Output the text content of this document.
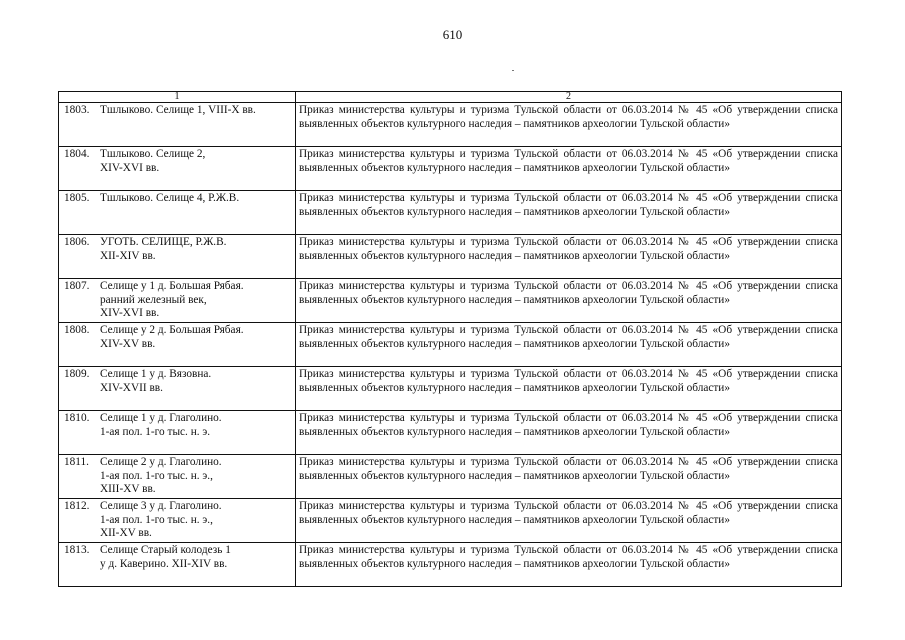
610
1	2
1803. Тшлыково. Селище 1, VIII-X вв.	Приказ министерства культуры и туризма Тульской области от 06.03.2014 № 45 «Об утверждении списка выявленных объектов культурного наследия – памятников археологии Тульской области»
1804. Тшлыково. Селище 2,
XIV-XVI вв.	Приказ министерства культуры и туризма Тульской области от 06.03.2014 № 45 «Об утверждении списка выявленных объектов культурного наследия – памятников археологии Тульской области»
1805. Тшлыково. Селище 4, Р.Ж.В.	Приказ министерства культуры и туризма Тульской области от 06.03.2014 № 45 «Об утверждении списка выявленных объектов культурного наследия – памятников археологии Тульской области»
1806. УГОТЬ. СЕЛИЩЕ, Р.Ж.В.
XII-XIV вв.	Приказ министерства культуры и туризма Тульской области от 06.03.2014 № 45 «Об утверждении списка выявленных объектов культурного наследия – памятников археологии Тульской области»
1807. Селище у 1 д. Большая Рябая.
ранний железный век,
XIV-XVI вв.	Приказ министерства культуры и туризма Тульской области от 06.03.2014 № 45 «Об утверждении списка выявленных объектов культурного наследия – памятников археологии Тульской области»
1808. Селище у 2 д. Большая Рябая.
XIV-XV вв.	Приказ министерства культуры и туризма Тульской области от 06.03.2014 № 45 «Об утверждении списка выявленных объектов культурного наследия – памятников археологии Тульской области»
1809. Селище 1 у д. Вязовна.
XIV-XVII вв.	Приказ министерства культуры и туризма Тульской области от 06.03.2014 № 45 «Об утверждении списка выявленных объектов культурного наследия – памятников археологии Тульской области»
1810. Селище 1 у д. Глаголино.
1-ая пол. 1-го тыс. н. э.	Приказ министерства культуры и туризма Тульской области от 06.03.2014 № 45 «Об утверждении списка выявленных объектов культурного наследия – памятников археологии Тульской области»
1811. Селище 2 у д. Глаголино.
1-ая пол. 1-го тыс. н. э.,
XIII-XV вв.	Приказ министерства культуры и туризма Тульской области от 06.03.2014 № 45 «Об утверждении списка выявленных объектов культурного наследия – памятников археологии Тульской области»
1812. Селище 3 у д. Глаголино.
1-ая пол. 1-го тыс. н. э.,
XII-XV вв.	Приказ министерства культуры и туризма Тульской области от 06.03.2014 № 45 «Об утверждении списка выявленных объектов культурного наследия – памятников археологии Тульской области»
1813. Селище Старый колодезь 1
у д. Каверино. XII-XIV вв.	Приказ министерства культуры и туризма Тульской области от 06.03.2014 № 45 «Об утверждении списка выявленных объектов культурного наследия – памятников археологии Тульской области»
